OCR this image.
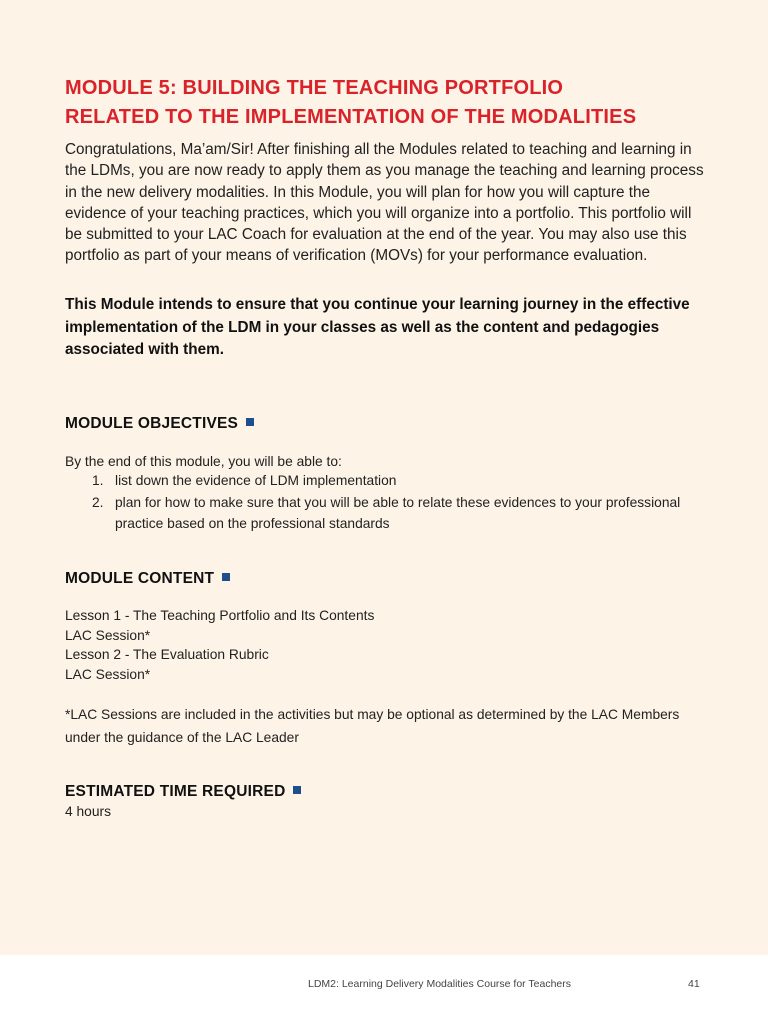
MODULE 5: BUILDING THE TEACHING PORTFOLIO
RELATED TO THE IMPLEMENTATION OF THE MODALITIES

Congratulations, Ma’am/Sir! After finishing all the Modules related to teaching and learning in the LDMs, you are now ready to apply them as you manage the teaching and learning process in the new delivery modalities. In this Module, you will plan for how you will capture the evidence of your teaching practices, which you will organize into a portfolio. This portfolio will be submitted to your LAC Coach for evaluation at the end of the year. You may also use this portfolio as part of your means of verification (MOVs) for your performance evaluation.

This Module intends to ensure that you continue your learning journey in the effective implementation of the LDM in your classes as well as the content and pedagogies associated with them.

MODULE OBJECTIVES

By the end of this module, you will be able to:

1. list down the evidence of LDM implementation
2. plan for how to make sure that you will be able to relate these evidences to your professional practice based on the professional standards
MODULE CONTENT
Lesson 1 - The Teaching Portfolio and Its Contents
LAC Session*
Lesson 2 - The Evaluation Rubric
LAC Session*

*LAC Sessions are included in the activities but may be optional as determined by the LAC Members under the guidance of the LAC Leader

ESTIMATED TIME REQUIRED

4 hours

LDM2: Learning Delivery Modalities Course for Teachers	41
